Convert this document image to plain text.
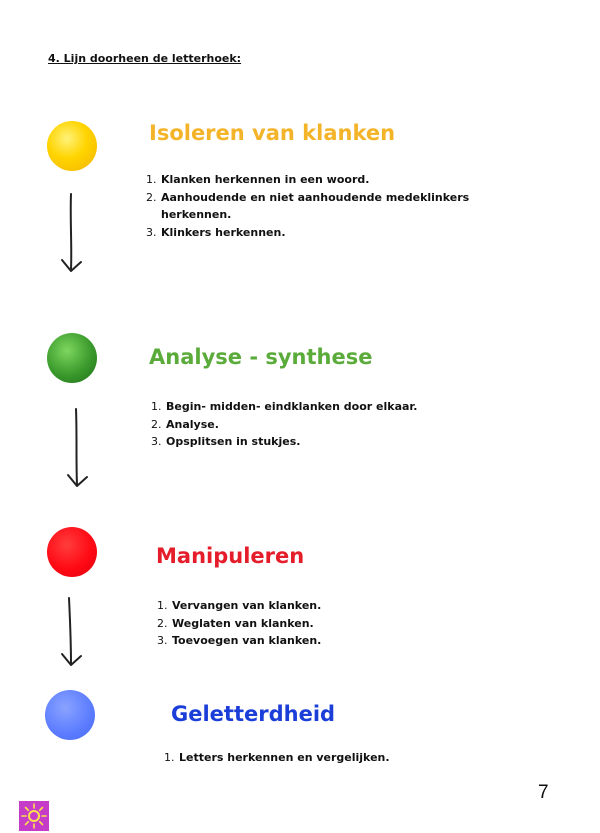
4. Lijn doorheen de letterhoek:

Isoleren van klanken
1. Klanken herkennen in een woord.
2. Aanhoudende en niet aanhoudende medeklinkers herkennen.
3. Klinkers herkennen.
Analyse - synthese
1. Begin- midden- eindklanken door elkaar.
2. Analyse.
3. Opsplitsen in stukjes.
Manipuleren
1. Vervangen van klanken.
2. Weglaten van klanken.
3. Toevoegen van klanken.
Geletterdheid
1. Letters herkennen en vergelijken.

7
